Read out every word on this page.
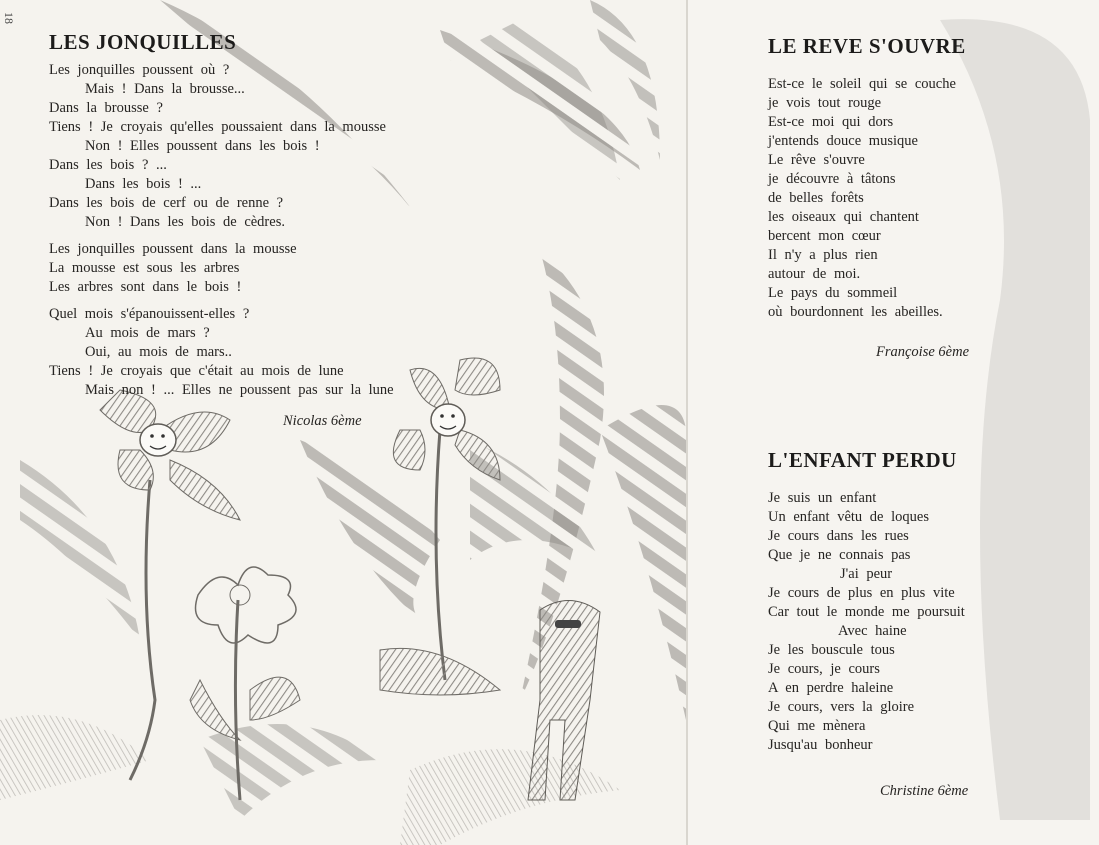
18
LES JONQUILLES
Les jonquilles poussent où ?
Mais ! Dans la brousse...
Dans la brousse ?
Tiens ! Je croyais qu'elles poussaient dans la mousse
Non ! Elles poussent dans les bois !
Dans les bois ? ...
Dans les bois ! ...
Dans les bois de cerf ou de renne ?
Non ! Dans les bois de cèdres.
Les jonquilles poussent dans la mousse
La mousse est sous les arbres
Les arbres sont dans le bois !
Quel mois s'épanouissent-elles ?
Au mois de mars ?
Oui, au mois de mars..
Tiens ! Je croyais que c'était au mois de lune
Mais non ! ... Elles ne poussent pas sur la lune
Nicolas 6ème
LE REVE S'OUVRE
Est-ce le soleil qui se couche
je vois tout rouge
Est-ce moi qui dors
j'entends douce musique
Le rêve s'ouvre
je découvre à tâtons
de belles forêts
les oiseaux qui chantent
bercent mon cœur
Il n'y a plus rien
autour de moi.
Le pays du sommeil
où bourdonnent les abeilles.
Françoise 6ème
L'ENFANT PERDU
Je suis un enfant
Un enfant vêtu de loques
Je cours dans les rues
Que je ne connais pas
J'ai peur
Je cours de plus en plus vite
Car tout le monde me poursuit
Avec haine
Je les bouscule tous
Je cours, je cours
A en perdre haleine
Je cours, vers la gloire
Qui me mènera
Jusqu'au bonheur
Christine 6ème
